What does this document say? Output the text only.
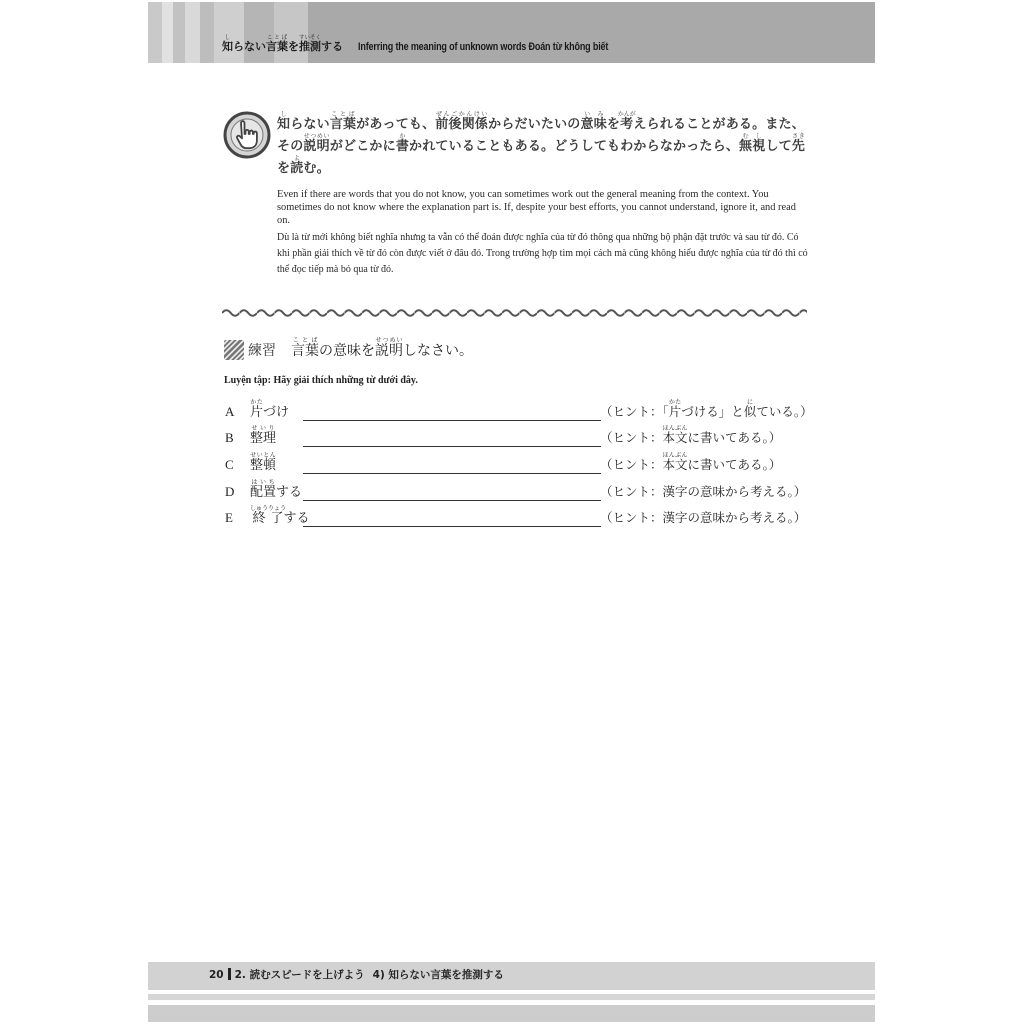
知しらない言葉ことばを推測すいそくする Inferring the meaning of unknown words Đoán từ không biết
知しらない言葉ことばがあっても、前後関係ぜんごかんけいからだいたいの意味いみを考かんがえられることがある。また、
その説明せつめいがどこかに書かかれていることもある。どうしてもわからなかったら、無視むしして先さき
を読よむ。
Even if there are words that you do not know, you can sometimes work out the general meaning from the context. You sometimes do not know where the explanation part is. If, despite your best efforts, you cannot understand, ignore it, and read on.
Dù là từ mới không biết nghĩa nhưng ta vẫn có thể đoán được nghĩa của từ đó thông qua những bộ phận đặt trước và sau từ đó. Có khi phần giải thích về từ đó còn được viết ở đâu đó. Trong trường hợp tìm mọi cách mà cũng không hiểu được nghĩa của từ đó thì có thể đọc tiếp mà bỏ qua từ đó.
練習 言葉ことばの意味を説明せつめいしなさい。
Luyện tập: Hãy giải thích những từ dưới đây.
A 片かたづけ	（ヒント：「片かたづける」と似にている。）
B 整理せいり
（ヒント：本文ほんぶんに書いてある。）
C 整頓せいとん
（ヒント：本文ほんぶんに書いてある。）
D 配置はいちする	（ヒント：漢字の意味から考える。）
E 終了しゅうりょうする	（ヒント：漢字の意味から考える。）
20 2. 読むスピードを上げよう 4) 知らない言葉を推測する
